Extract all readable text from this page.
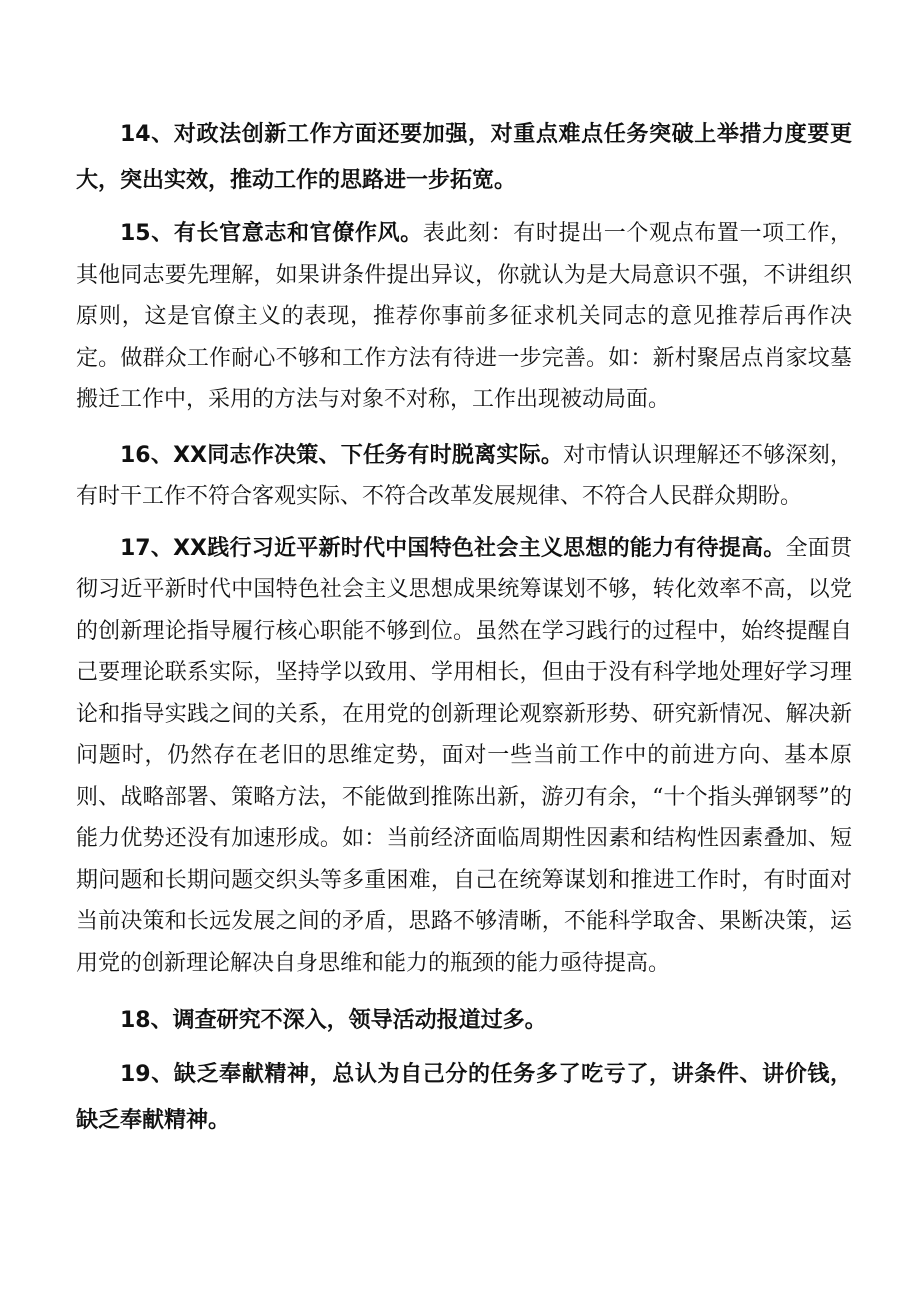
14、对政法创新工作方面还要加强，对重点难点任务突破上举措力度要更大，突出实效，推动工作的思路进一步拓宽。

15、有长官意志和官僚作风。表此刻：有时提出一个观点布置一项工作，其他同志要先理解，如果讲条件提出异议，你就认为是大局意识不强，不讲组织原则，这是官僚主义的表现，推荐你事前多征求机关同志的意见推荐后再作决定。做群众工作耐心不够和工作方法有待进一步完善。如：新村聚居点肖家坟墓搬迁工作中，采用的方法与对象不对称，工作出现被动局面。

16、XX同志作决策、下任务有时脱离实际。对市情认识理解还不够深刻，有时干工作不符合客观实际、不符合改革发展规律、不符合人民群众期盼。

17、XX践行习近平新时代中国特色社会主义思想的能力有待提高。全面贯彻习近平新时代中国特色社会主义思想成果统筹谋划不够，转化效率不高，以党的创新理论指导履行核心职能不够到位。虽然在学习践行的过程中，始终提醒自己要理论联系实际，坚持学以致用、学用相长，但由于没有科学地处理好学习理论和指导实践之间的关系，在用党的创新理论观察新形势、研究新情况、解决新问题时，仍然存在老旧的思维定势，面对一些当前工作中的前进方向、基本原则、战略部署、策略方法，不能做到推陈出新，游刃有余，“十个指头弹钢琴”的能力优势还没有加速形成。如：当前经济面临周期性因素和结构性因素叠加、短期问题和长期问题交织头等多重困难，自己在统筹谋划和推进工作时，有时面对当前决策和长远发展之间的矛盾，思路不够清晰，不能科学取舍、果断决策，运用党的创新理论解决自身思维和能力的瓶颈的能力亟待提高。

18、调查研究不深入，领导活动报道过多。

19、缺乏奉献精神，总认为自己分的任务多了吃亏了，讲条件、讲价钱，缺乏奉献精神。
